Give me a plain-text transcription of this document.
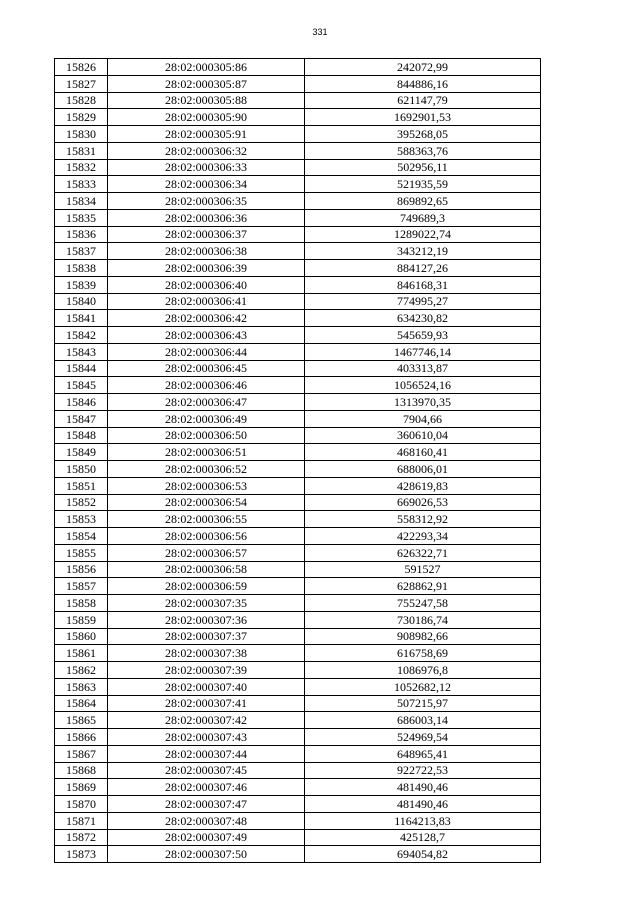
331
15826	28:02:000305:86	242072,99
15827	28:02:000305:87	844886,16
15828	28:02:000305:88	621147,79
15829	28:02:000305:90	1692901,53
15830	28:02:000305:91	395268,05
15831	28:02:000306:32	588363,76
15832	28:02:000306:33	502956,11
15833	28:02:000306:34	521935,59
15834	28:02:000306:35	869892,65
15835	28:02:000306:36	749689,3
15836	28:02:000306:37	1289022,74
15837	28:02:000306:38	343212,19
15838	28:02:000306:39	884127,26
15839	28:02:000306:40	846168,31
15840	28:02:000306:41	774995,27
15841	28:02:000306:42	634230,82
15842	28:02:000306:43	545659,93
15843	28:02:000306:44	1467746,14
15844	28:02:000306:45	403313,87
15845	28:02:000306:46	1056524,16
15846	28:02:000306:47	1313970,35
15847	28:02:000306:49	7904,66
15848	28:02:000306:50	360610,04
15849	28:02:000306:51	468160,41
15850	28:02:000306:52	688006,01
15851	28:02:000306:53	428619,83
15852	28:02:000306:54	669026,53
15853	28:02:000306:55	558312,92
15854	28:02:000306:56	422293,34
15855	28:02:000306:57	626322,71
15856	28:02:000306:58	591527
15857	28:02:000306:59	628862,91
15858	28:02:000307:35	755247,58
15859	28:02:000307:36	730186,74
15860	28:02:000307:37	908982,66
15861	28:02:000307:38	616758,69
15862	28:02:000307:39	1086976,8
15863	28:02:000307:40	1052682,12
15864	28:02:000307:41	507215,97
15865	28:02:000307:42	686003,14
15866	28:02:000307:43	524969,54
15867	28:02:000307:44	648965,41
15868	28:02:000307:45	922722,53
15869	28:02:000307:46	481490,46
15870	28:02:000307:47	481490,46
15871	28:02:000307:48	1164213,83
15872	28:02:000307:49	425128,7
15873	28:02:000307:50	694054,82
